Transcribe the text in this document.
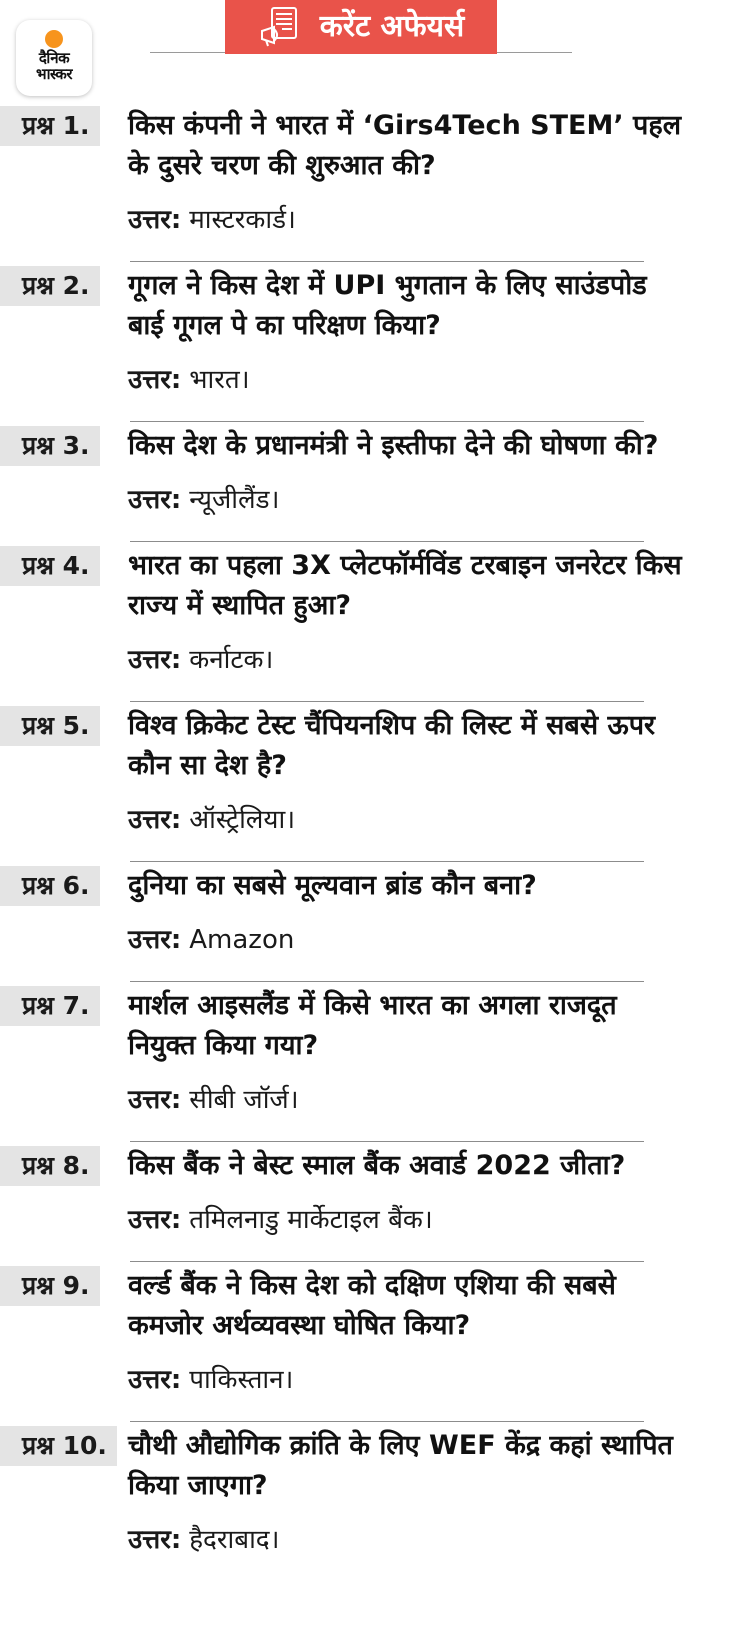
दैनिक
भास्कर
करेंट अफेयर्स
प्रश्न 1.	किस कंपनी ने भारत में ‘Girs4Tech STEM’ पहल के दुसरे चरण की शुरुआत की?

उत्तर: मास्टरकार्ड।
प्रश्न 2.	गूगल ने किस देश में UPI भुगतान के लिए साउंडपोड बाई गूगल पे का परिक्षण किया?

उत्तर: भारत।
प्रश्न 3.	किस देश के प्रधानमंत्री ने इस्तीफा देने की घोषणा की?

उत्तर: न्यूजीलैंड।
प्रश्न 4.	भारत का पहला 3X प्लेटफॉर्मविंड टरबाइन जनरेटर किस राज्य में स्थापित हुआ?

उत्तर: कर्नाटक।
प्रश्न 5.	विश्व क्रिकेट टेस्ट चैंपियनशिप की लिस्ट में सबसे ऊपर कौन सा देश है?

उत्तर: ऑस्ट्रेलिया।
प्रश्न 6.	दुनिया का सबसे मूल्यवान ब्रांड कौन बना?

उत्तर: Amazon
प्रश्न 7.	मार्शल आइसलैंड में किसे भारत का अगला राजदूत नियुक्त किया गया?

उत्तर: सीबी जॉर्ज।
प्रश्न 8.	किस बैंक ने बेस्ट स्माल बैंक अवार्ड 2022 जीता?

उत्तर: तमिलनाडु मार्केटाइल बैंक।
प्रश्न 9.	वर्ल्ड बैंक ने किस देश को दक्षिण एशिया की सबसे कमजोर अर्थव्यवस्था घोषित किया?

उत्तर: पाकिस्तान।
प्रश्न 10. चौथी औद्योगिक क्रांति के लिए WEF केंद्र कहां स्थापित किया जाएगा?

उत्तर: हैदराबाद।
